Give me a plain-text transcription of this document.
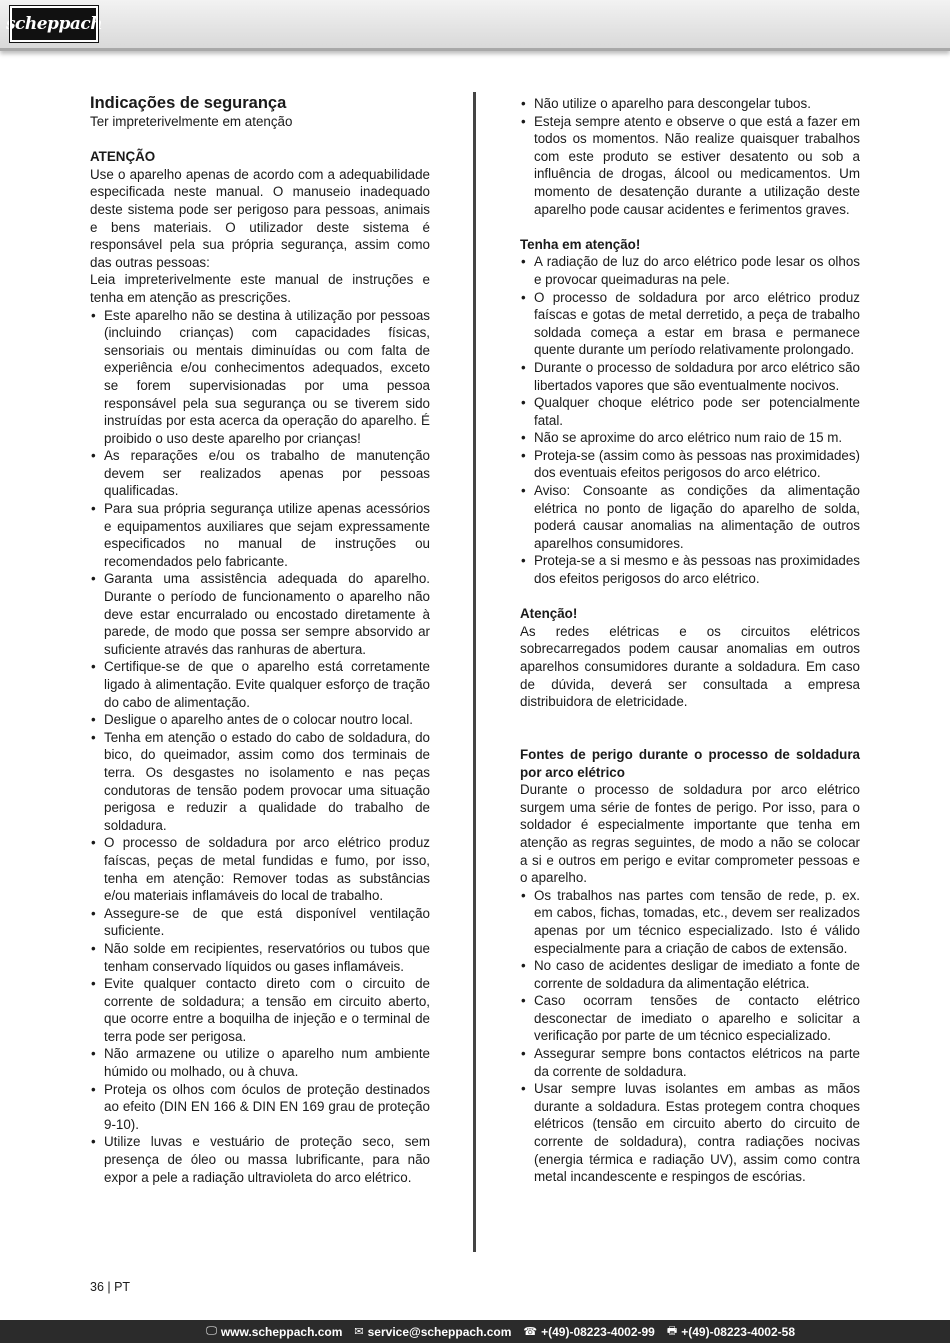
scheppach
Indicações de segurança

Ter impreterivelmente em atenção

ATENÇÃO

Use o aparelho apenas de acordo com a adequabilidade especificada neste manual. O manuseio inadequado deste sistema pode ser perigoso para pessoas, animais e bens materiais. O utilizador deste sistema é responsável pela sua própria segurança, assim como das outras pessoas:

Leia impreterivelmente este manual de instruções e tenha em atenção as prescrições.

• Este aparelho não se destina à utilização por pessoas (incluindo crianças) com capacidades físicas, sensoriais ou mentais diminuídas ou com falta de experiência e/ou conhecimentos adequados, exceto se forem supervisionadas por uma pessoa responsável pela sua segurança ou se tiverem sido instruídas por esta acerca da operação do aparelho. É proibido o uso deste aparelho por crianças!
• As reparações e/ou os trabalho de manutenção devem ser realizados apenas por pessoas qualificadas.
• Para sua própria segurança utilize apenas acessórios e equipamentos auxiliares que sejam expressamente especificados no manual de instruções ou recomendados pelo fabricante.
• Garanta uma assistência adequada do aparelho. Durante o período de funcionamento o aparelho não deve estar encurralado ou encostado diretamente à parede, de modo que possa ser sempre absorvido ar suficiente através das ranhuras de abertura.
• Certifique-se de que o aparelho está corretamente ligado à alimentação. Evite qualquer esforço de tração do cabo de alimentação.
• Desligue o aparelho antes de o colocar noutro local.
• Tenha em atenção o estado do cabo de soldadura, do bico, do queimador, assim como dos terminais de terra. Os desgastes no isolamento e nas peças condutoras de tensão podem provocar uma situação perigosa e reduzir a qualidade do trabalho de soldadura.
• O processo de soldadura por arco elétrico produz faíscas, peças de metal fundidas e fumo, por isso, tenha em atenção: Remover todas as substâncias e/ou materiais inflamáveis do local de trabalho.
• Assegure-se de que está disponível ventilação suficiente.
• Não solde em recipientes, reservatórios ou tubos que tenham conservado líquidos ou gases inflamáveis.
• Evite qualquer contacto direto com o circuito de corrente de soldadura; a tensão em circuito aberto, que ocorre entre a boquilha de injeção e o terminal de terra pode ser perigosa.
• Não armazene ou utilize o aparelho num ambiente húmido ou molhado, ou à chuva.
• Proteja os olhos com óculos de proteção destinados ao efeito (DIN EN 166 & DIN EN 169 grau de proteção 9-10).
• Utilize luvas e vestuário de proteção seco, sem presença de óleo ou massa lubrificante, para não expor a pele a radiação ultravioleta do arco elétrico.
• Não utilize o aparelho para descongelar tubos.
• Esteja sempre atento e observe o que está a fazer em todos os momentos. Não realize quaisquer trabalhos com este produto se estiver desatento ou sob a influência de drogas, álcool ou medicamentos. Um momento de desatenção durante a utilização deste aparelho pode causar acidentes e ferimentos graves.

Tenha em atenção!

• A radiação de luz do arco elétrico pode lesar os olhos e provocar queimaduras na pele.
• O processo de soldadura por arco elétrico produz faíscas e gotas de metal derretido, a peça de trabalho soldada começa a estar em brasa e permanece quente durante um período relativamente prolongado.
• Durante o processo de soldadura por arco elétrico são libertados vapores que são eventualmente nocivos.
• Qualquer choque elétrico pode ser potencialmente fatal.
• Não se aproxime do arco elétrico num raio de 15 m.
• Proteja-se (assim como às pessoas nas proximidades) dos eventuais efeitos perigosos do arco elétrico.
• Aviso: Consoante as condições da alimentação elétrica no ponto de ligação do aparelho de solda, poderá causar anomalias na alimentação de outros aparelhos consumidores.
• Proteja-se a si mesmo e às pessoas nas proximidades dos efeitos perigosos do arco elétrico.

Atenção!

As redes elétricas e os circuitos elétricos sobrecarregados podem causar anomalias em outros aparelhos consumidores durante a soldadura. Em caso de dúvida, deverá ser consultada a empresa distribuidora de eletricidade.

Fontes de perigo durante o processo de soldadura por arco elétrico

Durante o processo de soldadura por arco elétrico surgem uma série de fontes de perigo. Por isso, para o soldador é especialmente importante que tenha em atenção as regras seguintes, de modo a não se colocar a si e outros em perigo e evitar comprometer pessoas e o aparelho.

• Os trabalhos nas partes com tensão de rede, p. ex. em cabos, fichas, tomadas, etc., devem ser realizados apenas por um técnico especializado. Isto é válido especialmente para a criação de cabos de extensão.
• No caso de acidentes desligar de imediato a fonte de corrente de soldadura da alimentação elétrica.
• Caso ocorram tensões de contacto elétrico desconectar de imediato o aparelho e solicitar a verificação por parte de um técnico especializado.
• Assegurar sempre bons contactos elétricos na parte da corrente de soldadura.
• Usar sempre luvas isolantes em ambas as mãos durante a soldadura. Estas protegem contra choques elétricos (tensão em circuito aberto do circuito de corrente de soldadura), contra radiações nocivas (energia térmica e radiação UV), assim como contra metal incandescente e respingos de escórias.
36 | PT
🖵 www.scheppach.com ✉ service@scheppach.com ☎ +(49)-08223-4002-99 🖶 +(49)-08223-4002-58
